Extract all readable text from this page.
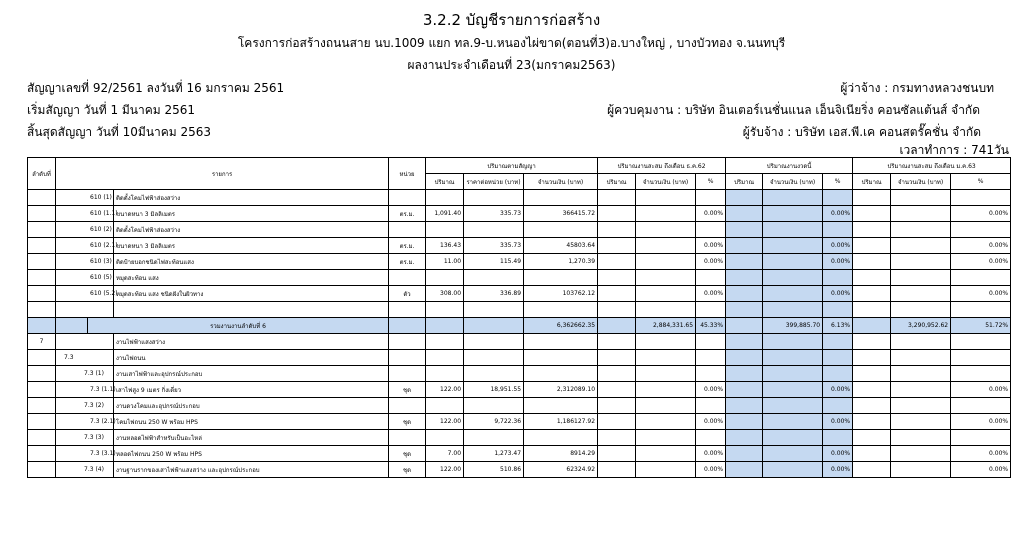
3.2.2 บัญชีรายการก่อสร้าง
โครงการก่อสร้างถนนสาย นบ.1009 แยก ทล.9-บ.หนองไผ่ขาด(ตอนที่3)อ.บางใหญ่ , บางบัวทอง จ.นนทบุรี
ผลงานประจำเดือนที่ 23(มกราคม2563)
สัญญาเลขที่ 92/2561 ลงวันที่ 16 มกราคม 2561
เริ่มสัญญา วันที่ 1 มีนาคม 2561
สิ้นสุดสัญญา วันที่ 10มีนาคม 2563
ผู้ว่าจ้าง : กรมทางหลวงชนบท
ผู้ควบคุมงาน : บริษัท อินเตอร์เนชั่นแนล เอ็นจิเนียริ่ง คอนซัลแต้นส์ จำกัด
ผู้รับจ้าง : บริษัท เอส.พี.เค คอนสตรั๊คชั่น จำกัด
เวลาทำการ : 741วัน
ลำดับที่	รายการ			หน่วย	ปริมาณตามสัญญา			ปริมาณงานสะสม ถึงเดือน ธ.ค.62			ปริมาณงานงวดนี้			ปริมาณงานสะสม ถึงเดือน ม.ค.63		
					ปริมาณ	ราคาต่อหน่วย (บาท)	จำนวนเงิน (บาท)	ปริมาณ	จำนวนเงิน (บาท)	%	ปริมาณ	จำนวนเงิน (บาท)	%	ปริมาณ	จำนวนเงิน (บาท)	%
	610 (1)		ติดตั้งโคมไฟฟ้าส่องสว่าง													
	610 (1.1)		ขนาดหนา 3 มิลลิเมตร	ตร.ม.	1,091.40	335.73	366415.72			0.00%			0.00%			0.00%
	610 (2)		ติดตั้งโคมไฟฟ้าส่องสว่าง													
	610 (2.1)		ขนาดหนา 3 มิลลิเมตร	ตร.ม.	136.43	335.73	45803.64			0.00%			0.00%			0.00%
	610 (3)		ติดป้ายบอกชนิดไฟสะท้อนแสง	ตร.ม.	11.00	115.49	1,270.39			0.00%			0.00%			0.00%
	610 (5)		หมุดสะท้อน แสง													
	610 (5.2)		หมุดสะท้อน แสง ชนิดฝังในผิวทาง	ตัว	308.00	336.89	103762.12			0.00%			0.00%			0.00%

		รวมงานงานลำดับที่ 6					6,362662.35		2,884,331.65	45.33%		399,885.70	6.13%		3,290,952.62	51.72%
7			งานไฟฟ้าแสงสว่าง													
	7.3		งานไฟถนน													
	7.3 (1)		งานเสาไฟฟ้าและอุปกรณ์ประกอบ													
	7.3 (1.1)		เสาไฟสูง 9 เมตร กิ่งเดี่ยว	ชุด	122.00	18,951.55	2,312089.10			0.00%			0.00%			0.00%
	7.3 (2)		งานดวงโคมและอุปกรณ์ประกอบ													
	7.3 (2.1)		โคมไฟถนน 250 W พร้อม HPS	ชุด	122.00	9,722.36	1,186127.92			0.00%			0.00%			0.00%
	7.3 (3)		งานหลอดไฟฟ้าสำหรับเป็นอะไหล่													
	7.3 (3.1)		หลอดไฟถนน 250 W พร้อม HPS	ชุด	7.00	1,273.47	8914.29			0.00%			0.00%			0.00%
	7.3 (4)		งานฐานรากของเสาไฟฟ้าแสงสว่าง และอุปกรณ์ประกอบ	ชุด	122.00	510.86	62324.92			0.00%			0.00%			0.00%
